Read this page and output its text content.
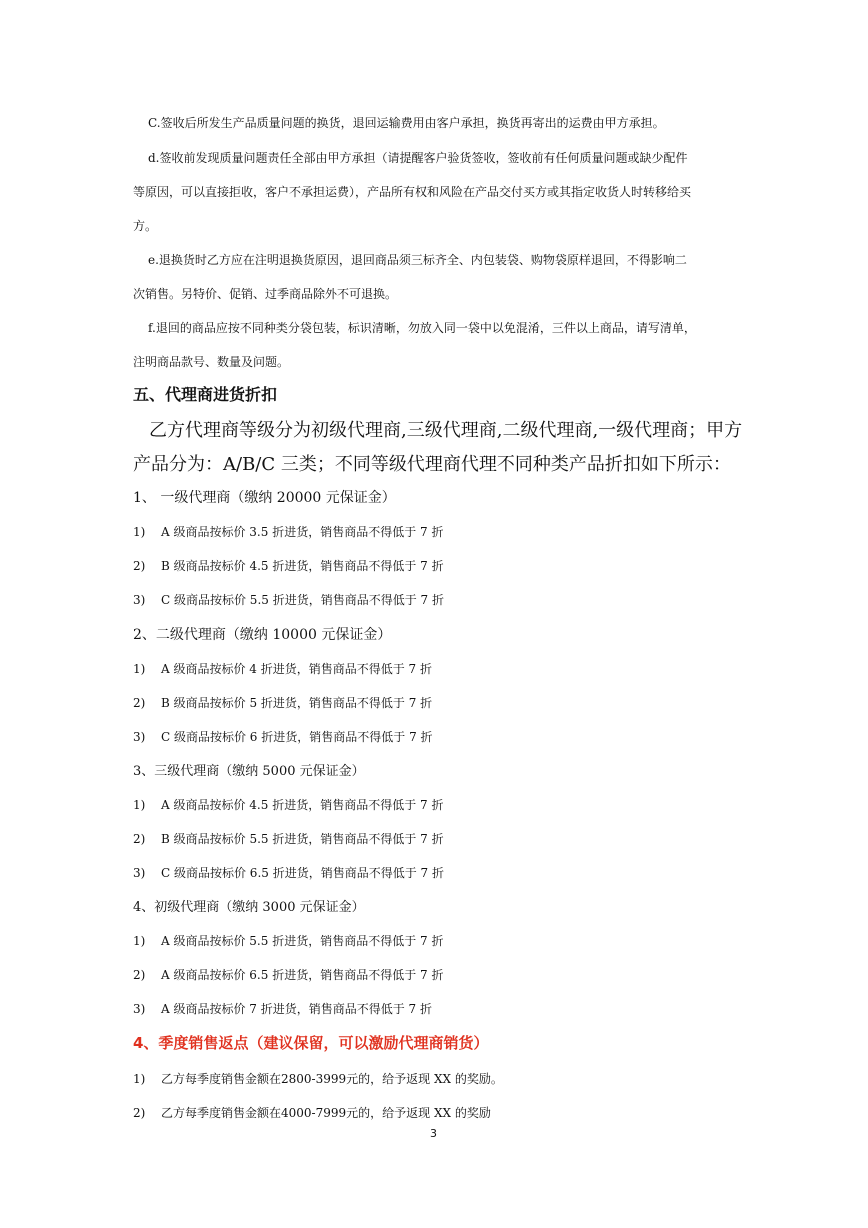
C.签收后所发生产品质量问题的换货，退回运输费用由客户承担，换货再寄出的运费由甲方承担。
d.签收前发现质量问题责任全部由甲方承担（请提醒客户验货签收，签收前有任何质量问题或缺少配件
等原因，可以直接拒收，客户不承担运费），产品所有权和风险在产品交付买方或其指定收货人时转移给买
方。
e.退换货时乙方应在注明退换货原因，退回商品须三标齐全、内包装袋、购物袋原样退回，不得影响二
次销售。另特价、促销、过季商品除外不可退换。
f.退回的商品应按不同种类分袋包装，标识清晰，勿放入同一袋中以免混淆，三件以上商品，请写清单，
注明商品款号、数量及问题。
五、代理商进货折扣
乙方代理商等级分为初级代理商,三级代理商,二级代理商,一级代理商；甲方
产品分为：A/B/C 三类；不同等级代理商代理不同种类产品折扣如下所示：
1、 一级代理商（缴纳 20000 元保证金）
1) A 级商品按标价 3.5 折进货，销售商品不得低于 7 折
2) B 级商品按标价 4.5 折进货，销售商品不得低于 7 折
3) C 级商品按标价 5.5 折进货，销售商品不得低于 7 折
2、二级代理商（缴纳 10000 元保证金）
1) A 级商品按标价 4 折进货，销售商品不得低于 7 折
2) B 级商品按标价 5 折进货，销售商品不得低于 7 折
3) C 级商品按标价 6 折进货，销售商品不得低于 7 折
3、三级代理商（缴纳 5000 元保证金）
1) A 级商品按标价 4.5 折进货，销售商品不得低于 7 折
2) B 级商品按标价 5.5 折进货，销售商品不得低于 7 折
3) C 级商品按标价 6.5 折进货，销售商品不得低于 7 折
4、初级代理商（缴纳 3000 元保证金）
1) A 级商品按标价 5.5 折进货，销售商品不得低于 7 折
2) A 级商品按标价 6.5 折进货，销售商品不得低于 7 折
3) A 级商品按标价 7 折进货，销售商品不得低于 7 折
4、季度销售返点（建议保留，可以激励代理商销货）
1) 乙方每季度销售金额在2800-3999元的，给予返现 XX 的奖励。
2) 乙方每季度销售金额在4000-7999元的，给予返现 XX 的奖励
3
